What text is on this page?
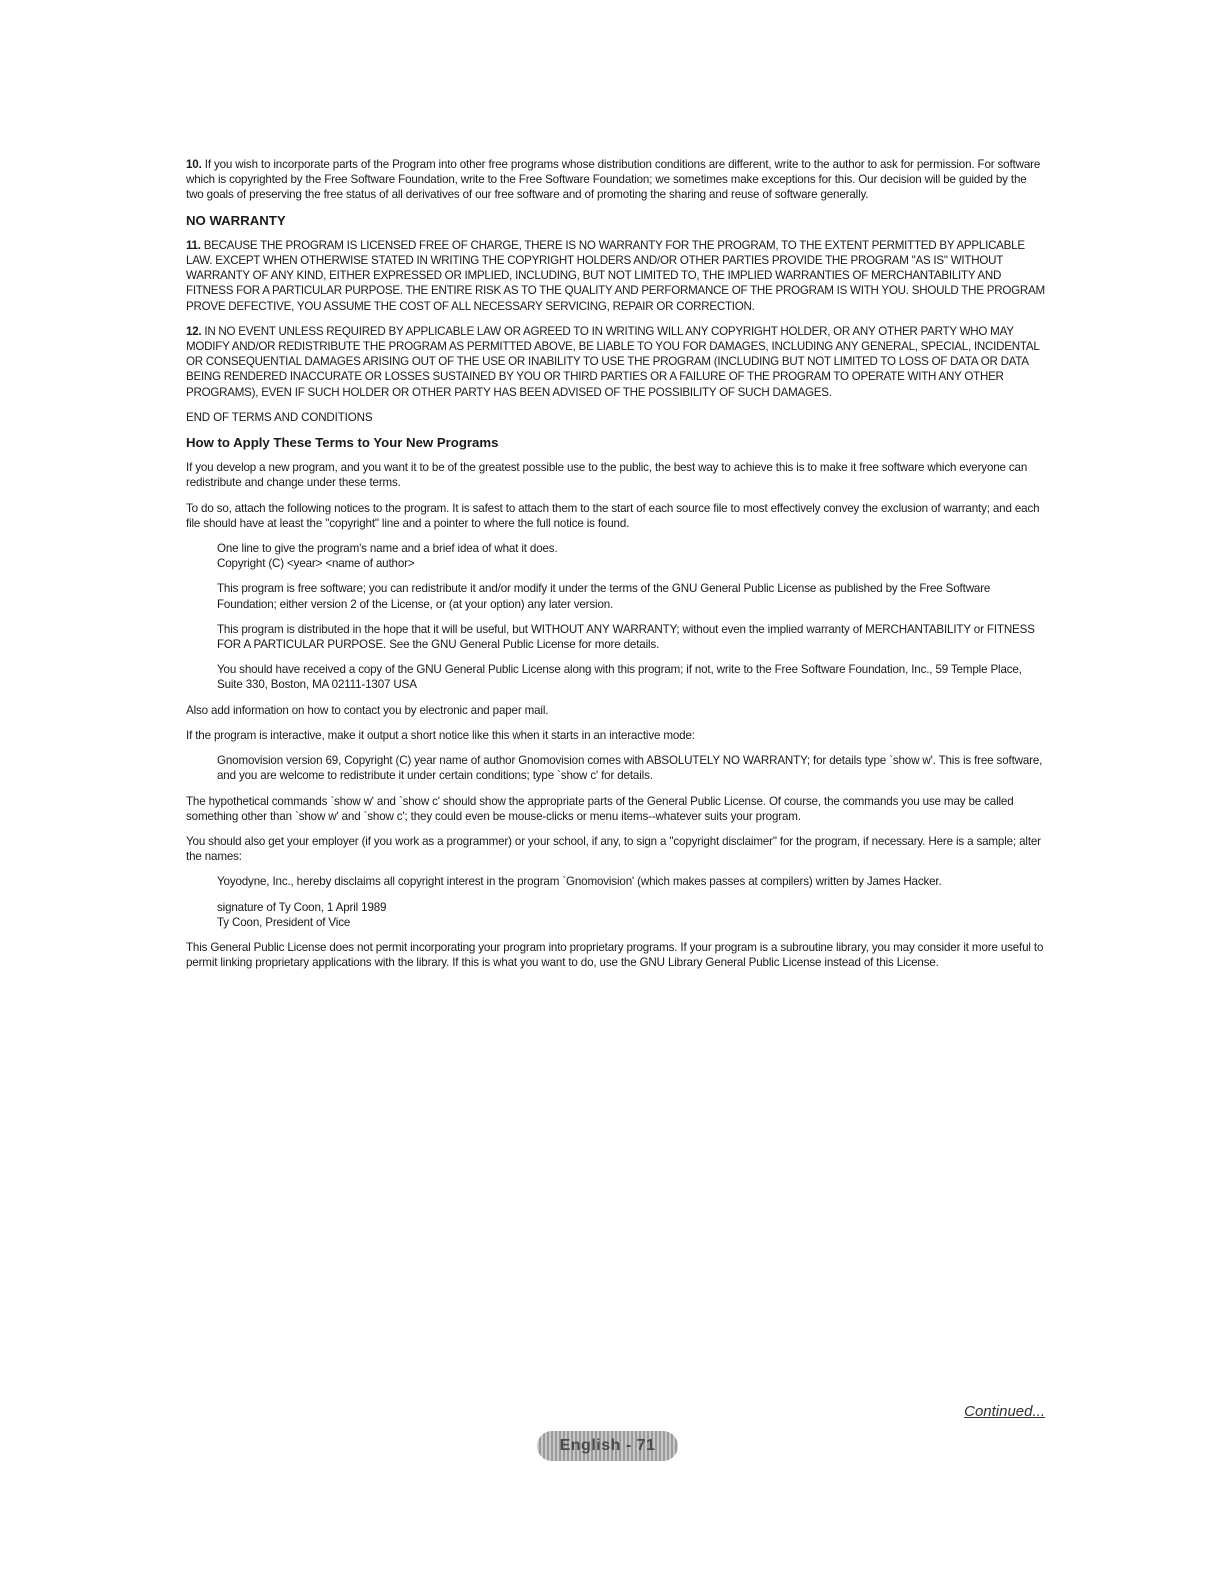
10. If you wish to incorporate parts of the Program into other free programs whose distribution conditions are different, write to the author to ask for permission. For software which is copyrighted by the Free Software Foundation, write to the Free Software Foundation; we sometimes make exceptions for this. Our decision will be guided by the two goals of preserving the free status of all derivatives of our free software and of promoting the sharing and reuse of software generally.

NO WARRANTY

11. BECAUSE THE PROGRAM IS LICENSED FREE OF CHARGE, THERE IS NO WARRANTY FOR THE PROGRAM, TO THE EXTENT PERMITTED BY APPLICABLE LAW. EXCEPT WHEN OTHERWISE STATED IN WRITING THE COPYRIGHT HOLDERS AND/OR OTHER PARTIES PROVIDE THE PROGRAM "AS IS" WITHOUT WARRANTY OF ANY KIND, EITHER EXPRESSED OR IMPLIED, INCLUDING, BUT NOT LIMITED TO, THE IMPLIED WARRANTIES OF MERCHANTABILITY AND FITNESS FOR A PARTICULAR PURPOSE. THE ENTIRE RISK AS TO THE QUALITY AND PERFORMANCE OF THE PROGRAM IS WITH YOU. SHOULD THE PROGRAM PROVE DEFECTIVE, YOU ASSUME THE COST OF ALL NECESSARY SERVICING, REPAIR OR CORRECTION.

12. IN NO EVENT UNLESS REQUIRED BY APPLICABLE LAW OR AGREED TO IN WRITING WILL ANY COPYRIGHT HOLDER, OR ANY OTHER PARTY WHO MAY MODIFY AND/OR REDISTRIBUTE THE PROGRAM AS PERMITTED ABOVE, BE LIABLE TO YOU FOR DAMAGES, INCLUDING ANY GENERAL, SPECIAL, INCIDENTAL OR CONSEQUENTIAL DAMAGES ARISING OUT OF THE USE OR INABILITY TO USE THE PROGRAM (INCLUDING BUT NOT LIMITED TO LOSS OF DATA OR DATA BEING RENDERED INACCURATE OR LOSSES SUSTAINED BY YOU OR THIRD PARTIES OR A FAILURE OF THE PROGRAM TO OPERATE WITH ANY OTHER PROGRAMS), EVEN IF SUCH HOLDER OR OTHER PARTY HAS BEEN ADVISED OF THE POSSIBILITY OF SUCH DAMAGES.

END OF TERMS AND CONDITIONS

How to Apply These Terms to Your New Programs

If you develop a new program, and you want it to be of the greatest possible use to the public, the best way to achieve this is to make it free software which everyone can redistribute and change under these terms.

To do so, attach the following notices to the program. It is safest to attach them to the start of each source file to most effectively convey the exclusion of warranty; and each file should have at least the "copyright" line and a pointer to where the full notice is found.

One line to give the program's name and a brief idea of what it does.

Copyright (C) <year> <name of author>

This program is free software; you can redistribute it and/or modify it under the terms of the GNU General Public License as published by the Free Software Foundation; either version 2 of the License, or (at your option) any later version.

This program is distributed in the hope that it will be useful, but WITHOUT ANY WARRANTY; without even the implied warranty of MERCHANTABILITY or FITNESS FOR A PARTICULAR PURPOSE. See the GNU General Public License for more details.

You should have received a copy of the GNU General Public License along with this program; if not, write to the Free Software Foundation, Inc., 59 Temple Place, Suite 330, Boston, MA 02111-1307 USA

Also add information on how to contact you by electronic and paper mail.

If the program is interactive, make it output a short notice like this when it starts in an interactive mode:

Gnomovision version 69, Copyright (C) year name of author Gnomovision comes with ABSOLUTELY NO WARRANTY; for details type `show w'. This is free software, and you are welcome to redistribute it under certain conditions; type `show c' for details.

The hypothetical commands `show w' and `show c' should show the appropriate parts of the General Public License. Of course, the commands you use may be called something other than `show w' and `show c'; they could even be mouse-clicks or menu items--whatever suits your program.

You should also get your employer (if you work as a programmer) or your school, if any, to sign a "copyright disclaimer" for the program, if necessary. Here is a sample; alter the names:

Yoyodyne, Inc., hereby disclaims all copyright interest in the program `Gnomovision' (which makes passes at compilers) written by James Hacker.

signature of Ty Coon, 1 April 1989

Ty Coon, President of Vice

This General Public License does not permit incorporating your program into proprietary programs. If your program is a subroutine library, you may consider it more useful to permit linking proprietary applications with the library. If this is what you want to do, use the GNU Library General Public License instead of this License.

Continued...
English - 71
